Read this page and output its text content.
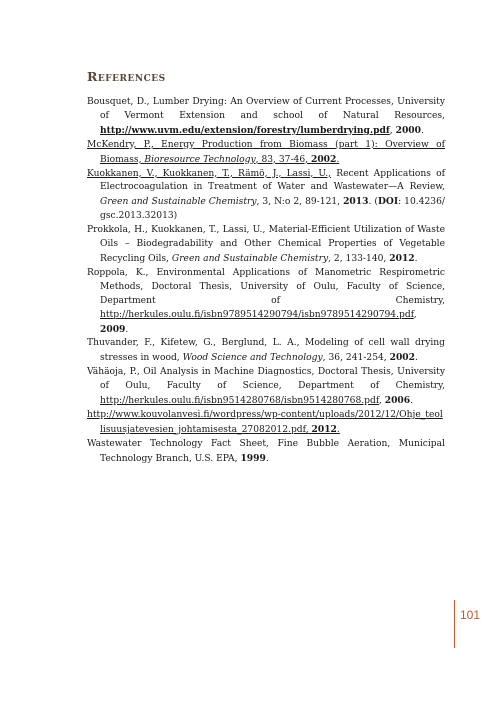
References

Bousquet, D., Lumber Drying: An Overview of Current Processes, University of Vermont Extension and school of Natural Resources, http://www.uvm.edu/extension/forestry/lumberdrying.pdf, 2000.

McKendry, P., Energy Production from Biomass (part 1): Overview of Biomass, Bioresource Technology, 83, 37-46, 2002.

Kuokkanen, V., Kuokkanen, T., Rämö, J., Lassi, U., Recent Applications of Electrocoagulation in Treatment of Water and Wastewater—A Review, Green and Sustainable Chemistry, 3, N:o 2, 89-121, 2013. (DOI: 10.4236/ gsc.2013.32013)

Prokkola, H., Kuokkanen, T., Lassi, U., Material-Efficient Utilization of Waste Oils – Biodegradability and Other Chemical Properties of Vegetable Recycling Oils, Green and Sustainable Chemistry, 2, 133-140, 2012.

Roppola, K., Environmental Applications of Manometric Respirometric Methods, Doctoral Thesis, University of Oulu, Faculty of Science, Department of Chemistry, http://herkules.oulu.fi/isbn9789514290794/isbn9789514290794.pdf, 2009.

Thuvander, F., Kifetew, G., Berglund, L. A., Modeling of cell wall drying stresses in wood, Wood Science and Technology, 36, 241-254, 2002.

Vähäoja, P., Oil Analysis in Machine Diagnostics, Doctoral Thesis, University of Oulu, Faculty of Science, Department of Chemistry, http://herkules.oulu.fi/isbn9514280768/isbn9514280768.pdf, 2006.

http://www.kouvolanvesi.fi/wordpress/wp-content/uploads/2012/12/Ohje_teollisuusjatevesien_johtamisesta_27082012.pdf, 2012.

Wastewater Technology Fact Sheet, Fine Bubble Aeration, Municipal Technology Branch, U.S. EPA, 1999.

101
